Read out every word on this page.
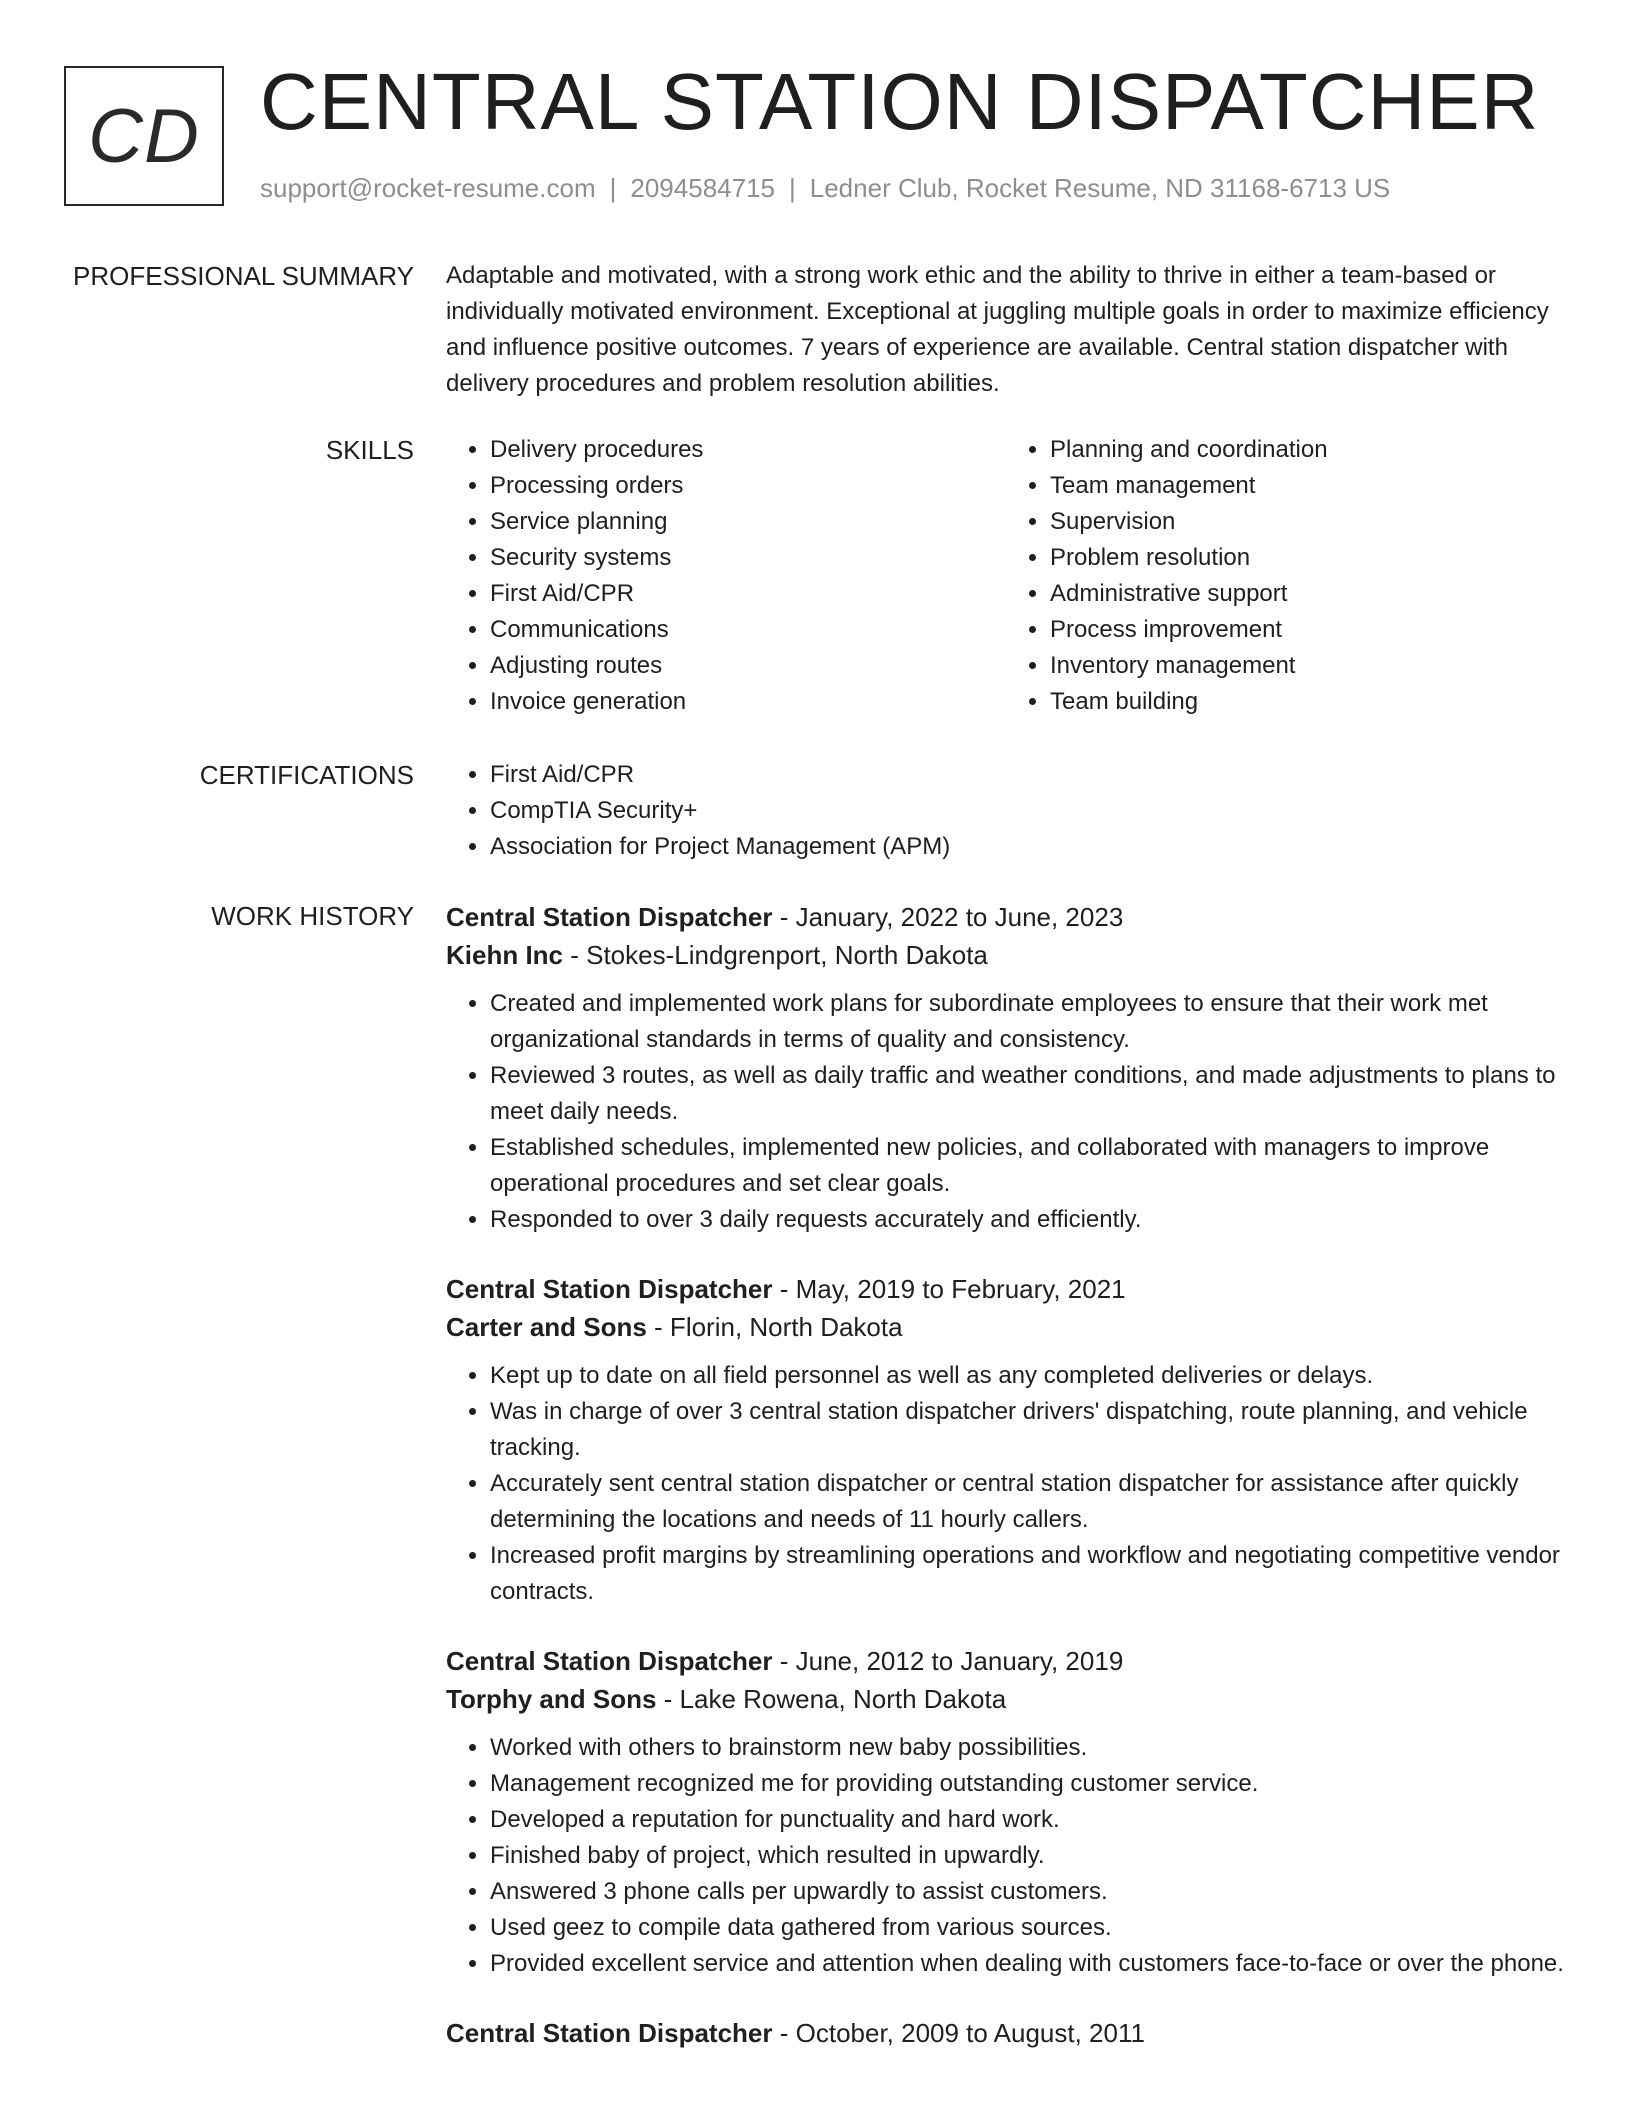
CD CENTRAL STATION DISPATCHER
support@rocket-resume.com | 2094584715 | Ledner Club, Rocket Resume, ND 31168-6713 US
PROFESSIONAL SUMMARY Adaptable and motivated, with a strong work ethic and the ability to thrive in either a team-based or individually motivated environment. Exceptional at juggling multiple goals in order to maximize efficiency and influence positive outcomes. 7 years of experience are available. Central station dispatcher with delivery procedures and problem resolution abilities.

SKILLS	• Delivery procedures
• Processing orders
• Service planning
• Security systems
• First Aid/CPR
• Communications
• Adjusting routes
• Invoice generation
• Planning and coordination
• Team management
• Supervision
• Problem resolution
• Administrative support
• Process improvement
• Inventory management
• Team building
CERTIFICATIONS	• First Aid/CPR
• CompTIA Security+
• Association for Project Management (APM)
WORK HISTORY Central Station Dispatcher - January, 2022 to June, 2023
Kiehn Inc - Stokes-Lindgrenport, North Dakota
• Created and implemented work plans for subordinate employees to ensure that their work met organizational standards in terms of quality and consistency.
• Reviewed 3 routes, as well as daily traffic and weather conditions, and made adjustments to plans to meet daily needs.
• Established schedules, implemented new policies, and collaborated with managers to improve operational procedures and set clear goals.
• Responded to over 3 daily requests accurately and efficiently.
Central Station Dispatcher - May, 2019 to February, 2021
Carter and Sons - Florin, North Dakota
• Kept up to date on all field personnel as well as any completed deliveries or delays.
• Was in charge of over 3 central station dispatcher drivers' dispatching, route planning, and vehicle tracking.
• Accurately sent central station dispatcher or central station dispatcher for assistance after quickly determining the locations and needs of 11 hourly callers.
• Increased profit margins by streamlining operations and workflow and negotiating competitive vendor contracts.
Central Station Dispatcher - June, 2012 to January, 2019
Torphy and Sons - Lake Rowena, North Dakota
• Worked with others to brainstorm new baby possibilities.
• Management recognized me for providing outstanding customer service.
• Developed a reputation for punctuality and hard work.
• Finished baby of project, which resulted in upwardly.
• Answered 3 phone calls per upwardly to assist customers.
• Used geez to compile data gathered from various sources.
• Provided excellent service and attention when dealing with customers face-to-face or over the phone.
Central Station Dispatcher - October, 2009 to August, 2011
